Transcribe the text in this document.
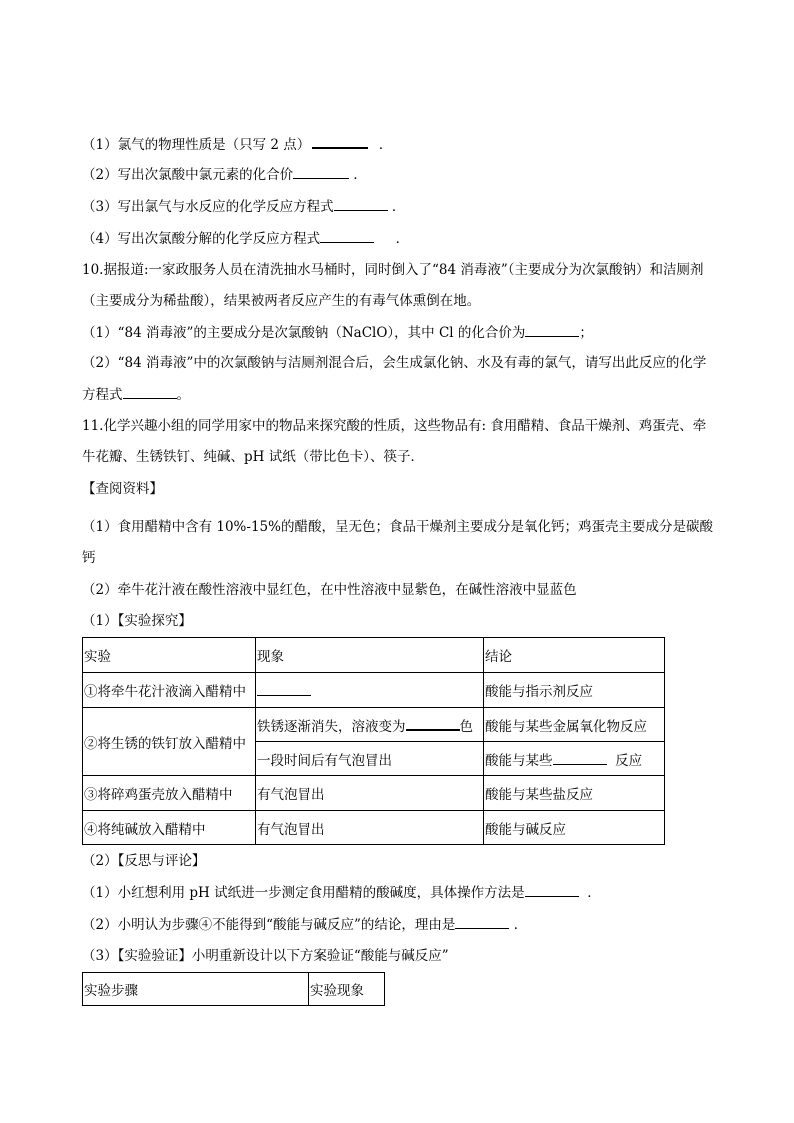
（1）氯气的物理性质是（只写 2 点）	．
（2）写出次氯酸中氯元素的化合价	．
（3）写出氯气与水反应的化学反应方程式	．
（4）写出次氯酸分解的化学反应方程式	．
10.据报道:一家政服务人员在清洗抽水马桶时，同时倒入了“84 消毒液”（主要成分为次氯酸钠）和洁厕剂
（主要成分为稀盐酸），结果被两者反应产生的有毒气体熏倒在地。
（1）“84 消毒液”的主要成分是次氯酸钠（NaClO），其中 Cl 的化合价为	；
（2）“84 消毒液”中的次氯酸钠与洁厕剂混合后，会生成氯化钠、水及有毒的氯气，请写出此反应的化学
方程式	。
11.化学兴趣小组的同学用家中的物品来探究酸的性质，这些物品有: 食用醋精、食品干燥剂、鸡蛋壳、牵
牛花瓣、生锈铁钉、纯碱、pH 试纸（带比色卡）、筷子．
【查阅资料】
（1）食用醋精中含有 10%-15%的醋酸，呈无色；食品干燥剂主要成分是氧化钙；鸡蛋壳主要成分是碳酸
钙
（2）牵牛花汁液在酸性溶液中显红色，在中性溶液中显紫色，在碱性溶液中显蓝色
（1）【实验探究】
实验	现象	结论
①将牵牛花汁液滴入醋精中		酸能与指示剂反应
②将生锈的铁钉放入醋精中	铁锈逐渐消失，溶液变为 色	酸能与某些金属氧化物反应
	一段时间后有气泡冒出	酸能与某些 反应
③将碎鸡蛋壳放入醋精中	有气泡冒出	酸能与某些盐反应
④将纯碱放入醋精中	有气泡冒出	酸能与碱反应
（2）【反思与评论】
（1）小红想利用 pH 试纸进一步测定食用醋精的酸碱度，具体操作方法是	．
（2）小明认为步骤④不能得到“酸能与碱反应”的结论，理由是	．
（3）【实验验证】小明重新设计以下方案验证“酸能与碱反应”
实验步骤	实验现象
